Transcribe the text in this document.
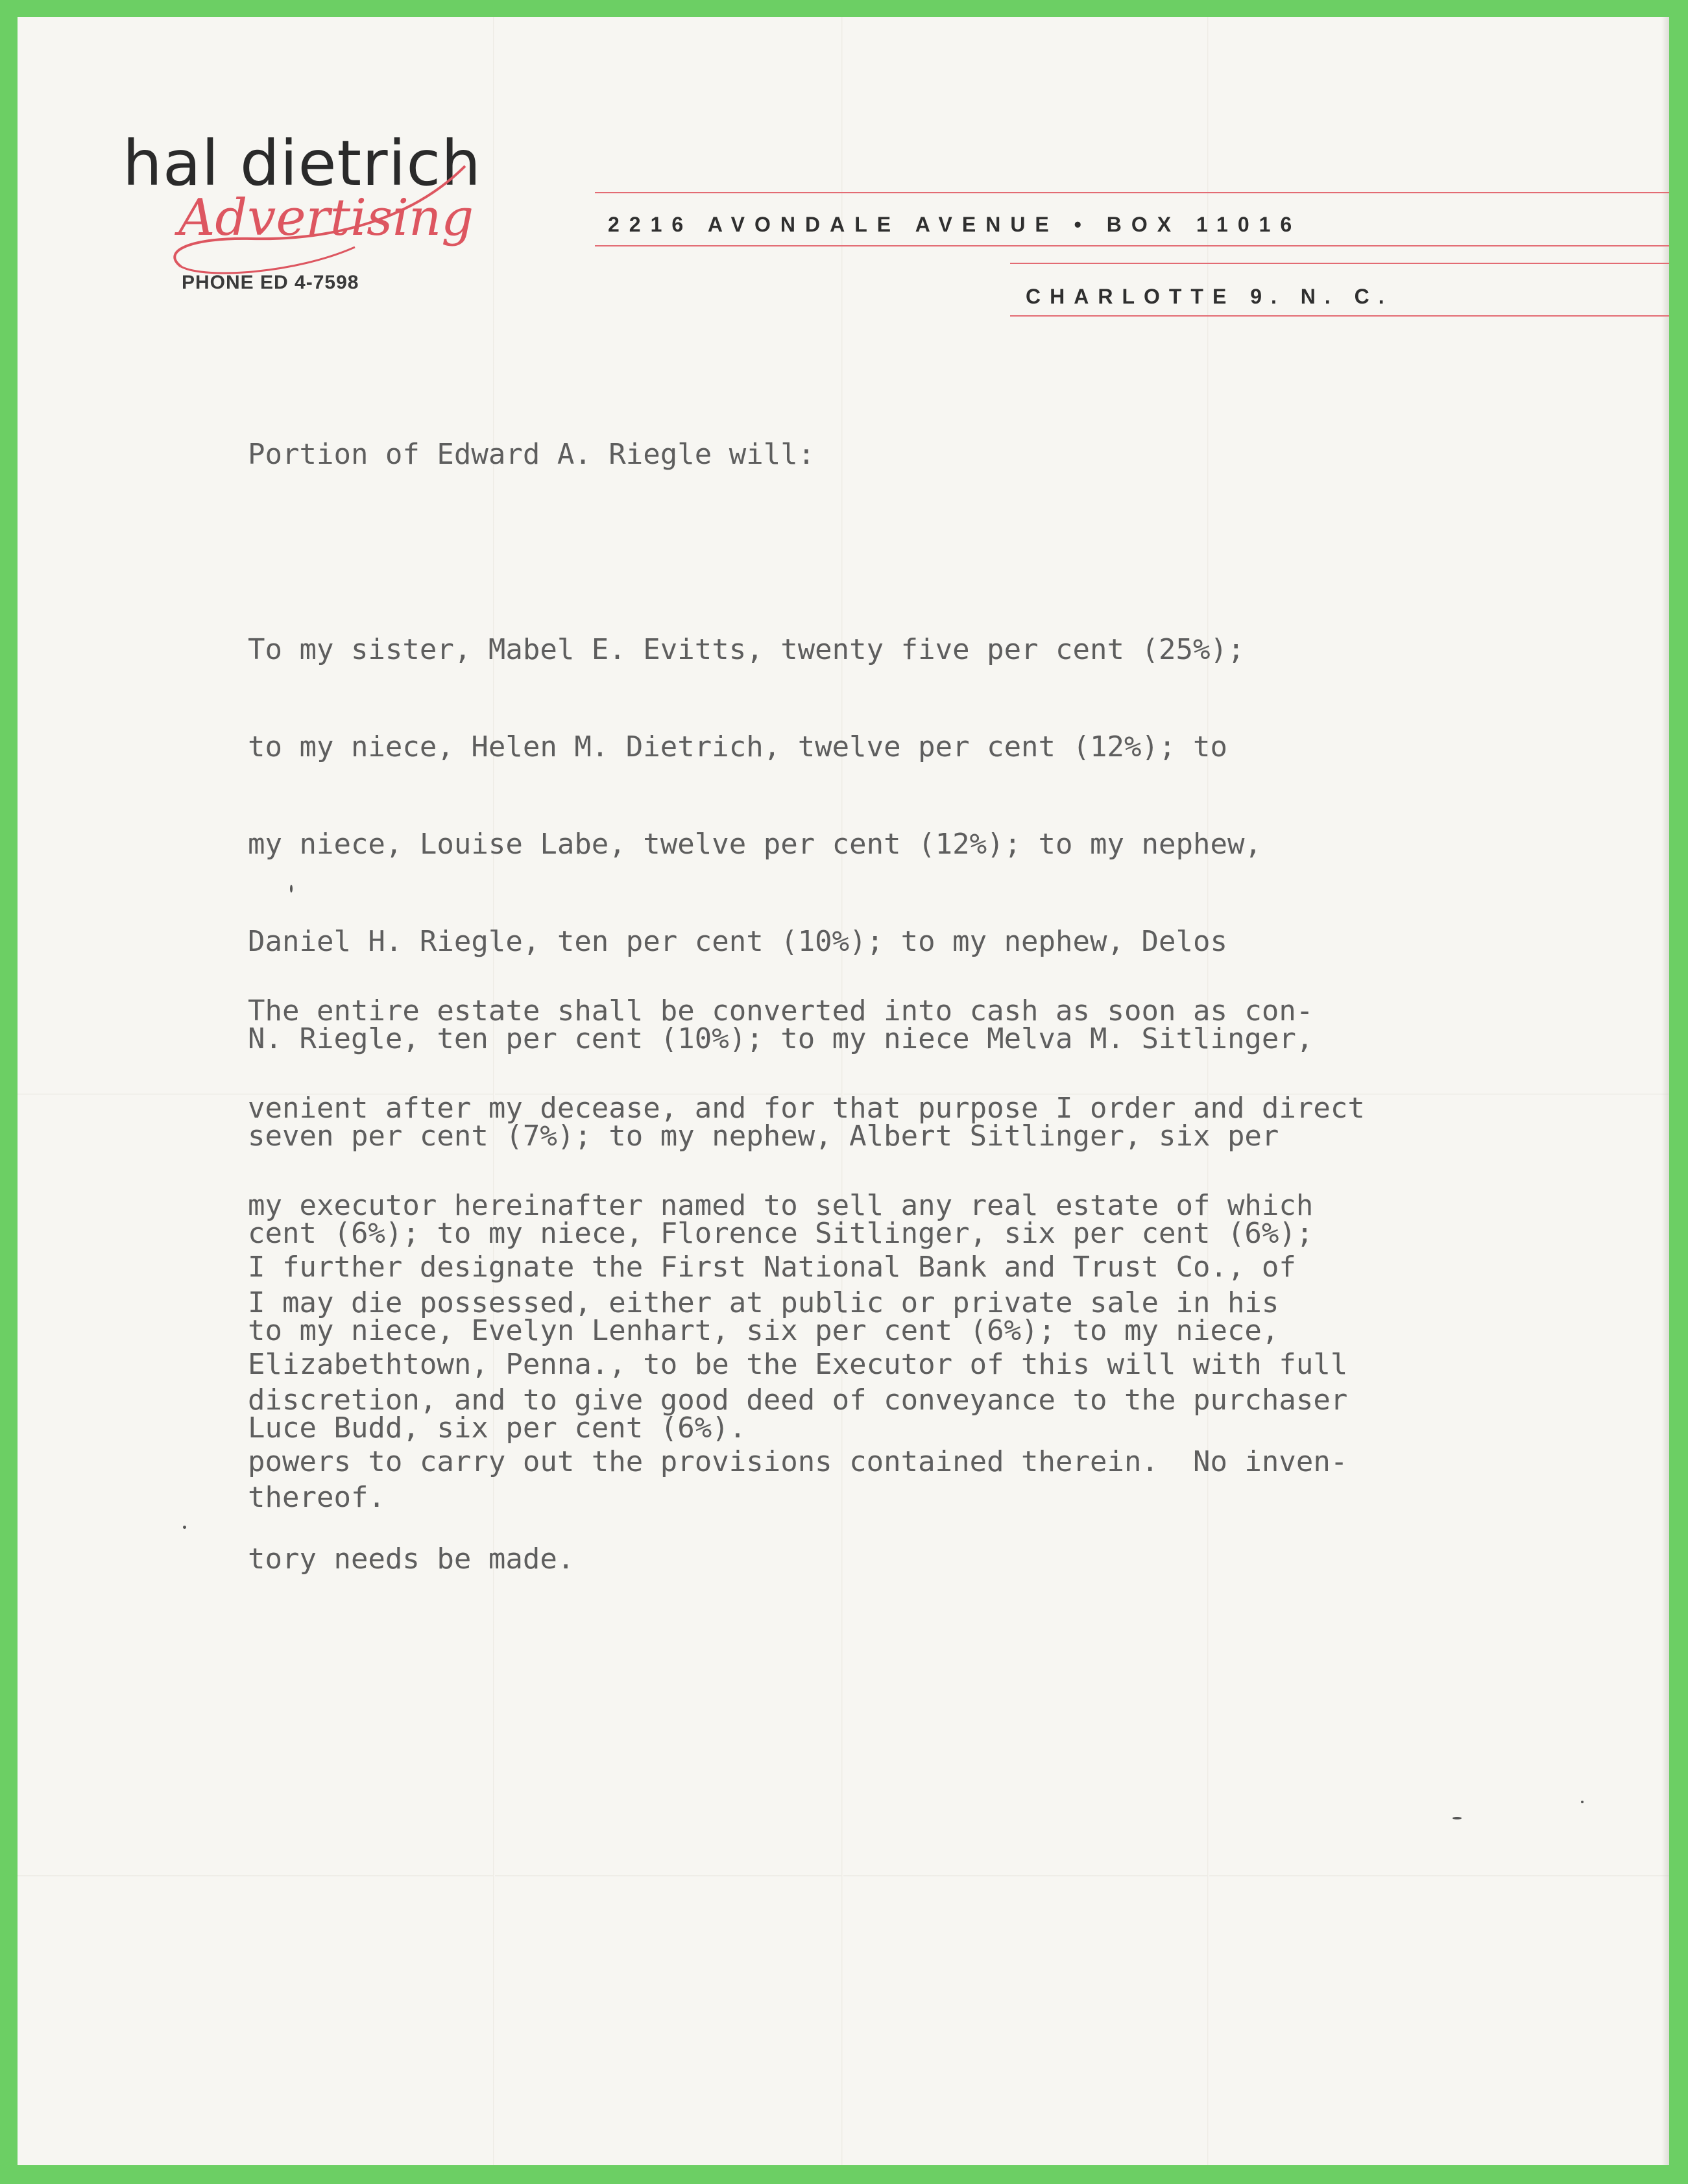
hal dietrich
Advertising
PHONE ED 4-7598
2216 AVONDALE AVENUE • BOX 11016
CHARLOTTE 9. N. C.
Portion of Edward A. Riegle will:

To my sister, Mabel E. Evitts, twenty five per cent (25%);

to my niece, Helen M. Dietrich, twelve per cent (12%); to

my niece, Louise Labe, twelve per cent (12%); to my nephew,

Daniel H. Riegle, ten per cent (10%); to my nephew, Delos

N. Riegle, ten per cent (10%); to my niece Melva M. Sitlinger,

seven per cent (7%); to my nephew, Albert Sitlinger, six per

cent (6%); to my niece, Florence Sitlinger, six per cent (6%);

to my niece, Evelyn Lenhart, six per cent (6%); to my niece,

Luce Budd, six per cent (6%).

The entire estate shall be converted into cash as soon as con-

venient after my decease, and for that purpose I order and direct

my executor hereinafter named to sell any real estate of which

I may die possessed, either at public or private sale in his

discretion, and to give good deed of conveyance to the purchaser

thereof.

I further designate the First National Bank and Trust Co., of

Elizabethtown, Penna., to be the Executor of this will with full

powers to carry out the provisions contained therein.  No inven-

tory needs be made.
